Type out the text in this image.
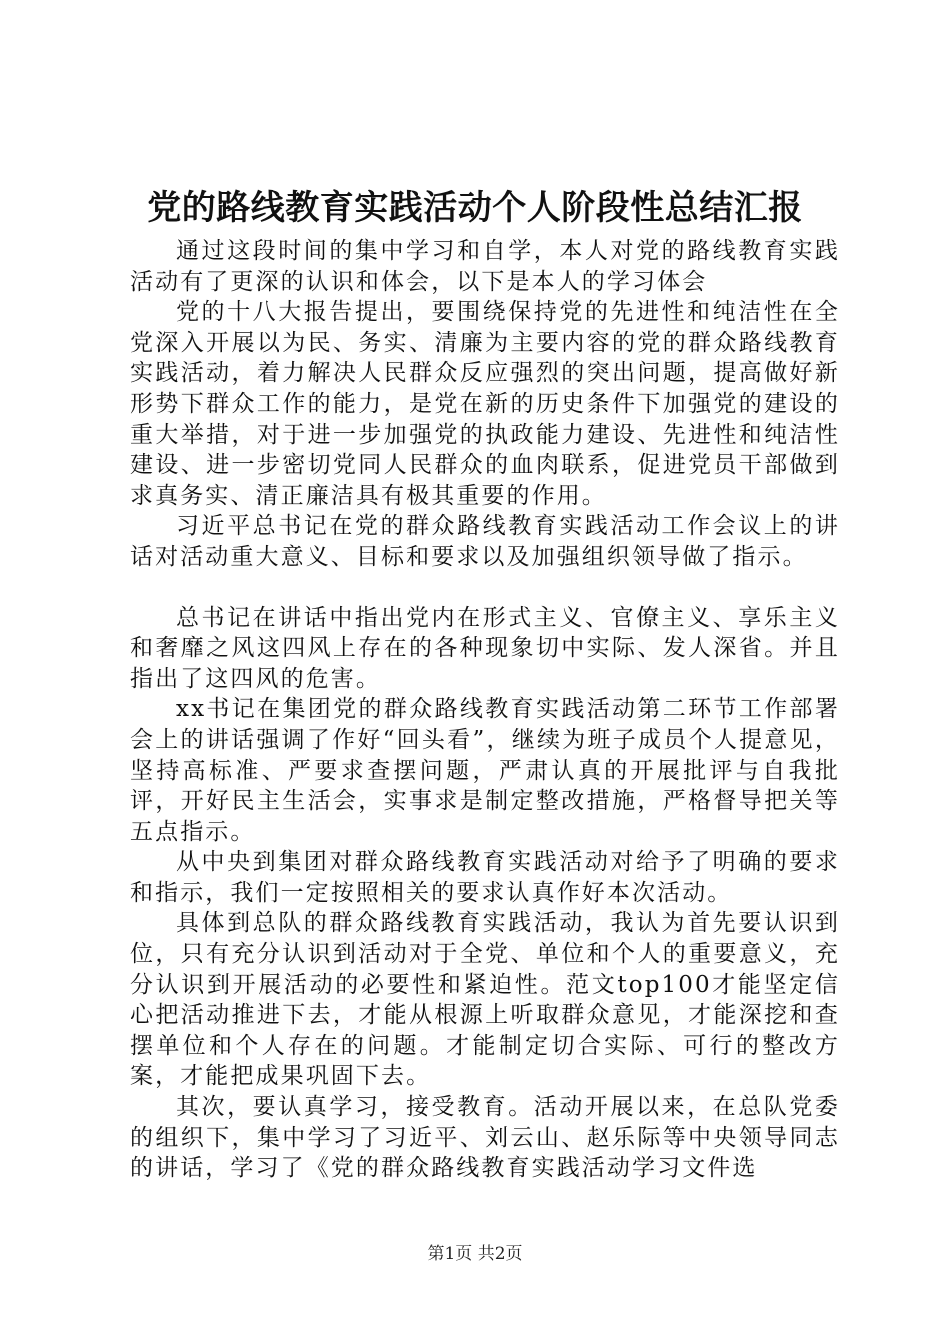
党的路线教育实践活动个人阶段性总结汇报

通过这段时间的集中学习和自学，本人对党的路线教育实践活动有了更深的认识和体会，以下是本人的学习体会

党的十八大报告提出，要围绕保持党的先进性和纯洁性在全党深入开展以为民、务实、清廉为主要内容的党的群众路线教育实践活动，着力解决人民群众反应强烈的突出问题，提高做好新形势下群众工作的能力，是党在新的历史条件下加强党的建设的重大举措，对于进一步加强党的执政能力建设、先进性和纯洁性建设、进一步密切党同人民群众的血肉联系，促进党员干部做到求真务实、清正廉洁具有极其重要的作用。

习近平总书记在党的群众路线教育实践活动工作会议上的讲话对活动重大意义、目标和要求以及加强组织领导做了指示。

总书记在讲话中指出党内在形式主义、官僚主义、享乐主义和奢靡之风这四风上存在的各种现象切中实际、发人深省。并且指出了这四风的危害。

xx书记在集团党的群众路线教育实践活动第二环节工作部署会上的讲话强调了作好“回头看”，继续为班子成员个人提意见，坚持高标准、严要求查摆问题，严肃认真的开展批评与自我批评，开好民主生活会，实事求是制定整改措施，严格督导把关等五点指示。

从中央到集团对群众路线教育实践活动对给予了明确的要求和指示，我们一定按照相关的要求认真作好本次活动。

具体到总队的群众路线教育实践活动，我认为首先要认识到位，只有充分认识到活动对于全党、单位和个人的重要意义，充分认识到开展活动的必要性和紧迫性。范文top100才能坚定信心把活动推进下去，才能从根源上听取群众意见，才能深挖和查摆单位和个人存在的问题。才能制定切合实际、可行的整改方案，才能把成果巩固下去。

其次，要认真学习，接受教育。活动开展以来，在总队党委的组织下，集中学习了习近平、刘云山、赵乐际等中央领导同志的讲话，学习了《党的群众路线教育实践活动学习文件选

第1页 共2页
